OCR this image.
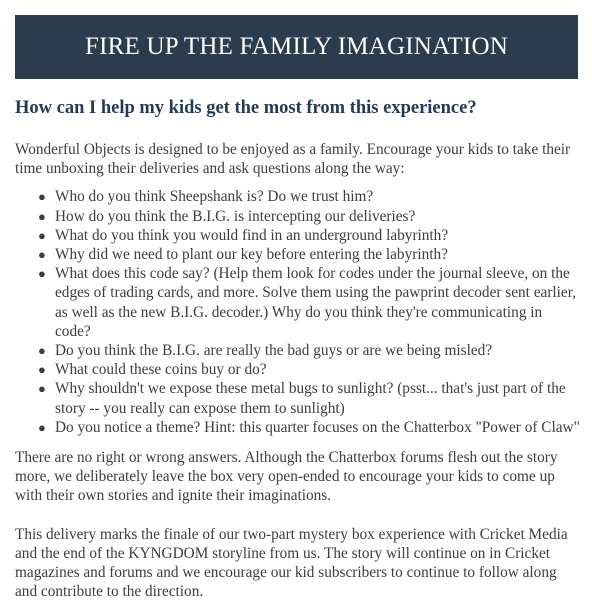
FIRE UP THE FAMILY IMAGINATION
How can I help my kids get the most from this experience?

Wonderful Objects is designed to be enjoyed as a family. Encourage your kids to take their time unboxing their deliveries and ask questions along the way:

● Who do you think Sheepshank is? Do we trust him?
● How do you think the B.I.G. is intercepting our deliveries?
● What do you think you would find in an underground labyrinth?
● Why did we need to plant our key before entering the labyrinth?
● What does this code say? (Help them look for codes under the journal sleeve, on the edges of trading cards, and more. Solve them using the pawprint decoder sent earlier, as well as the new B.I.G. decoder.) Why do you think they're communicating in code?
● Do you think the B.I.G. are really the bad guys or are we being misled?
● What could these coins buy or do?
● Why shouldn't we expose these metal bugs to sunlight? (psst... that's just part of the story -- you really can expose them to sunlight)
● Do you notice a theme? Hint: this quarter focuses on the Chatterbox "Power of Claw"

There are no right or wrong answers. Although the Chatterbox forums flesh out the story more, we deliberately leave the box very open-ended to encourage your kids to come up with their own stories and ignite their imaginations.

This delivery marks the finale of our two-part mystery box experience with Cricket Media and the end of the KYNGDOM storyline from us. The story will continue on in Cricket magazines and forums and we encourage our kid subscribers to continue to follow along and contribute to the direction.
